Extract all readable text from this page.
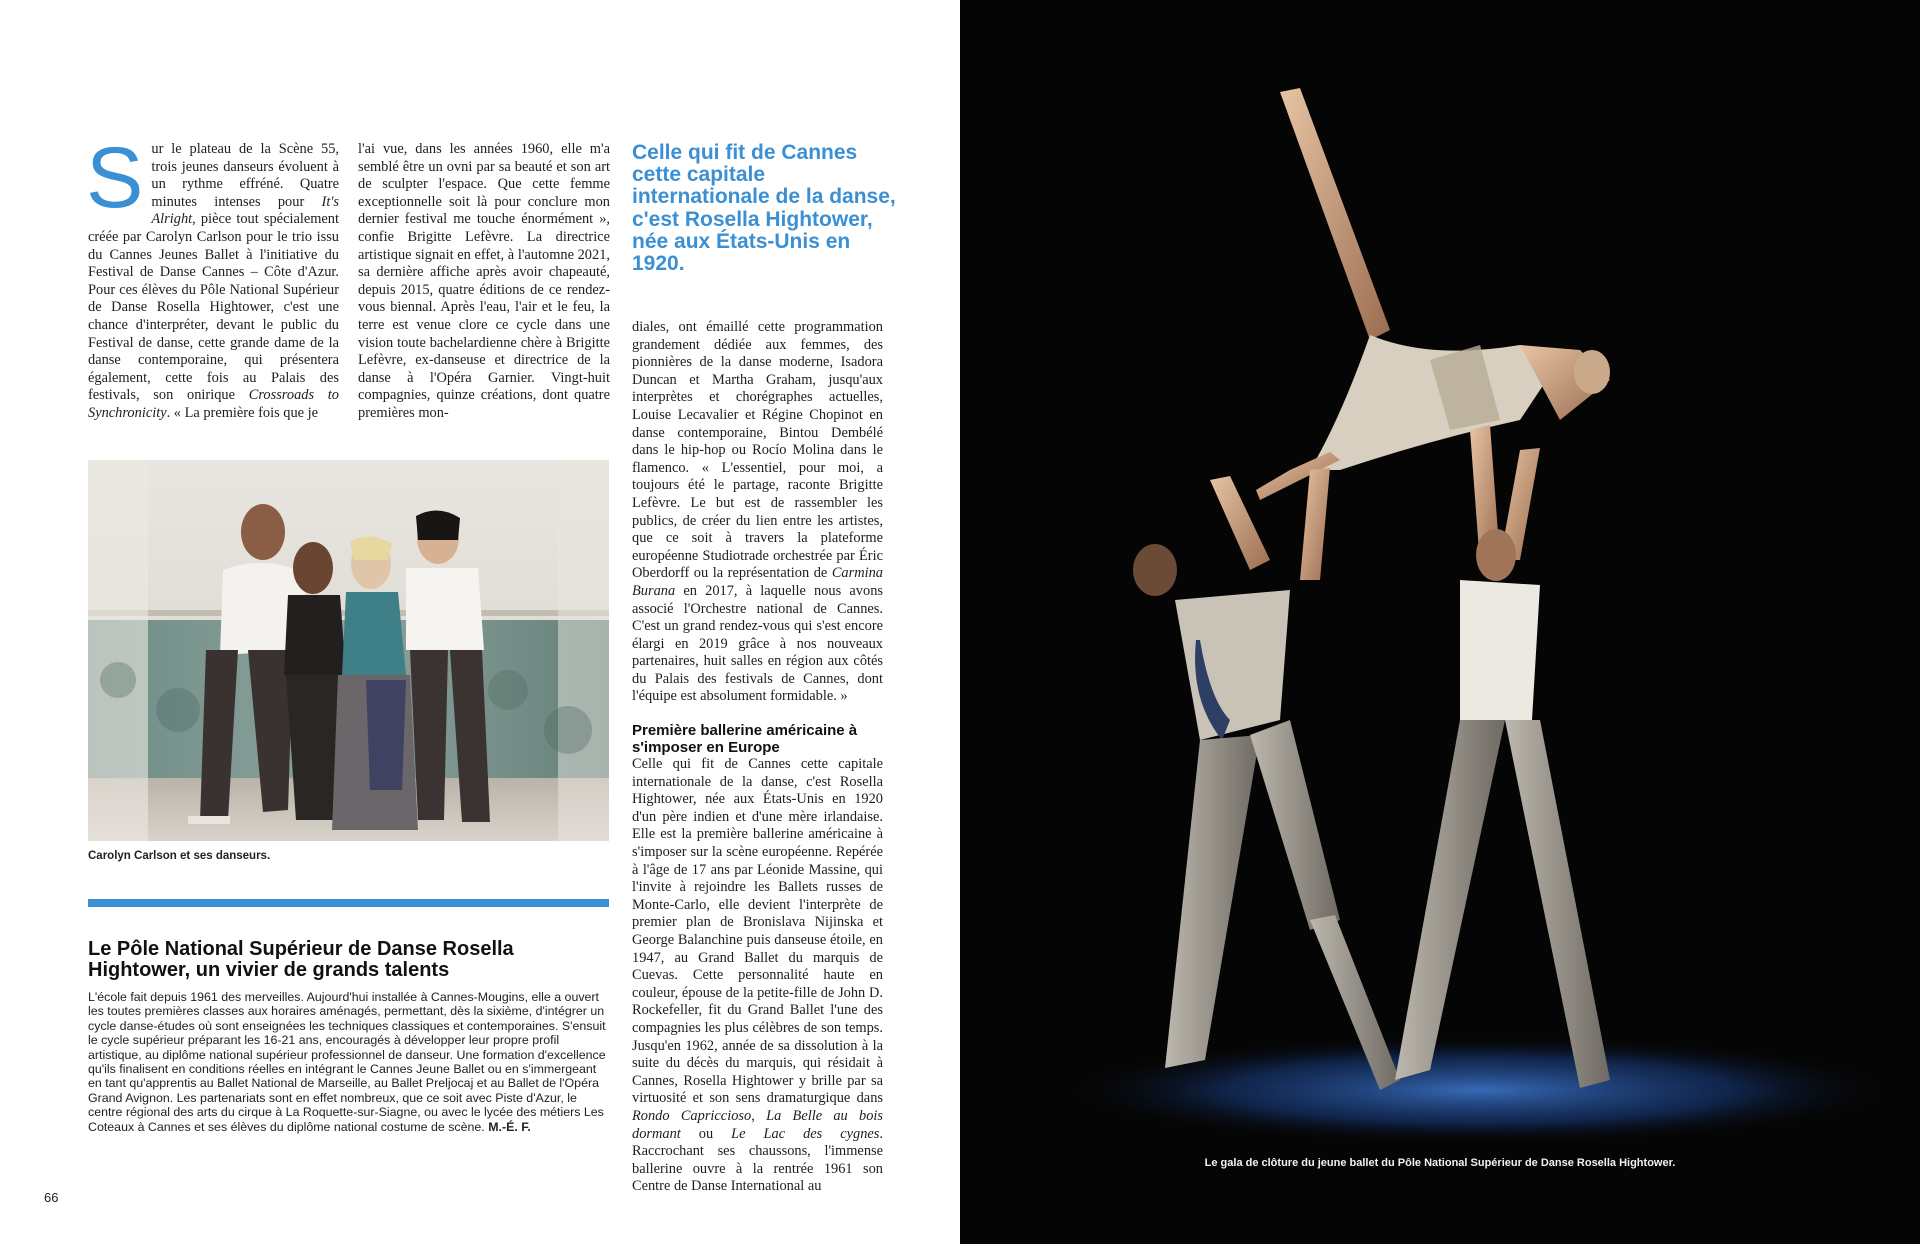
Sur le plateau de la Scène 55, trois jeunes danseurs évoluent à un rythme effréné. Quatre minutes intenses pour It's Alright, pièce tout spécialement créée par Carolyn Carlson pour le trio issu du Cannes Jeunes Ballet à l'initiative du Festival de Danse Cannes – Côte d'Azur. Pour ces élèves du Pôle National Supérieur de Danse Rosella Hightower, c'est une chance d'interpréter, devant le public du Festival de danse, cette grande dame de la danse contemporaine, qui présentera également, cette fois au Palais des festivals, son onirique Crossroads to Synchronicity. « La première fois que je

l'ai vue, dans les années 1960, elle m'a semblé être un ovni par sa beauté et son art de sculpter l'espace. Que cette femme exceptionnelle soit là pour conclure mon dernier festival me touche énormément », confie Brigitte Lefèvre. La directrice artistique signait en effet, à l'automne 2021, sa dernière affiche après avoir chapeauté, depuis 2015, quatre éditions de ce rendez-vous biennal. Après l'eau, l'air et le feu, la terre est venue clore ce cycle dans une vision toute bachelardienne chère à Brigitte Lefèvre, ex-danseuse et directrice de la danse à l'Opéra Garnier. Vingt-huit compagnies, quinze créations, dont quatre premières mon-

Celle qui fit de Cannes cette capitale internationale de la danse, c'est Rosella Hightower, née aux États-Unis en 1920.

diales, ont émaillé cette programmation grandement dédiée aux femmes, des pionnières de la danse moderne, Isadora Duncan et Martha Graham, jusqu'aux interprètes et chorégraphes actuelles, Louise Lecavalier et Régine Chopinot en danse contemporaine, Bintou Dembélé dans le hip-hop ou Rocío Molina dans le flamenco. « L'essentiel, pour moi, a toujours été le partage, raconte Brigitte Lefèvre. Le but est de rassembler les publics, de créer du lien entre les artistes, que ce soit à travers la plateforme européenne Studiotrade orchestrée par Éric Oberdorff ou la représentation de Carmina Burana en 2017, à laquelle nous avons associé l'Orchestre national de Cannes. C'est un grand rendez-vous qui s'est encore élargi en 2019 grâce à nos nouveaux partenaires, huit salles en région aux côtés du Palais des festivals de Cannes, dont l'équipe est absolument formidable. »

Première ballerine américaine à s'imposer en Europe

Celle qui fit de Cannes cette capitale internationale de la danse, c'est Rosella Hightower, née aux États-Unis en 1920 d'un père indien et d'une mère irlandaise. Elle est la première ballerine américaine à s'imposer sur la scène européenne. Repérée à l'âge de 17 ans par Léonide Massine, qui l'invite à rejoindre les Ballets russes de Monte-Carlo, elle devient l'interprète de premier plan de Bronislava Nijinska et George Balanchine puis danseuse étoile, en 1947, au Grand Ballet du marquis de Cuevas. Cette personnalité haute en couleur, épouse de la petite-fille de John D. Rockefeller, fit du Grand Ballet l'une des compagnies les plus célèbres de son temps. Jusqu'en 1962, année de sa dissolution à la suite du décès du marquis, qui résidait à Cannes, Rosella Hightower y brille par sa virtuosité et son sens dramaturgique dans Rondo Capriccioso, La Belle au bois dormant ou Le Lac des cygnes. Raccrochant ses chaussons, l'immense ballerine ouvre à la rentrée 1961 son Centre de Danse International au

Carolyn Carlson et ses danseurs.
Le Pôle National Supérieur de Danse Rosella Hightower, un vivier de grands talents
L'école fait depuis 1961 des merveilles. Aujourd'hui installée à Cannes-Mougins, elle a ouvert les toutes premières classes aux horaires aménagés, permettant, dès la sixième, d'intégrer un cycle danse-études où sont enseignées les techniques classiques et contemporaines. S'ensuit le cycle supérieur préparant les 16-21 ans, encouragés à développer leur propre profil artistique, au diplôme national supérieur professionnel de danseur. Une formation d'excellence qu'ils finalisent en conditions réelles en intégrant le Cannes Jeune Ballet ou en s'immergeant en tant qu'apprentis au Ballet National de Marseille, au Ballet Preljocaj et au Ballet de l'Opéra Grand Avignon. Les partenariats sont en effet nombreux, que ce soit avec Piste d'Azur, le centre régional des arts du cirque à La Roquette-sur-Siagne, ou avec le lycée des métiers Les Coteaux à Cannes et ses élèves du diplôme national costume de scène. M.-É. F.
66
Le gala de clôture du jeune ballet du Pôle National Supérieur de Danse Rosella Hightower.
